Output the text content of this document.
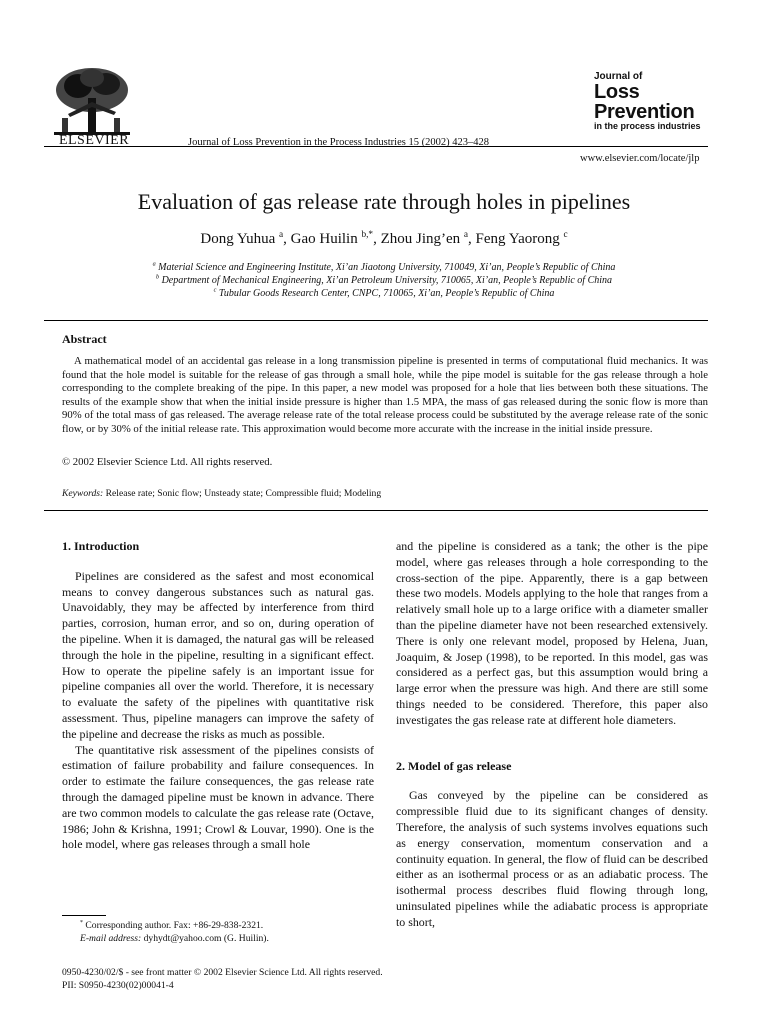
ELSEVIER	Journal of Loss Prevention in the Process Industries 15 (2002) 423–428
Journal of
Loss
Prevention
in the process industries
www.elsevier.com/locate/jlp
Evaluation of gas release rate through holes in pipelines
Dong Yuhua $^a$, Gao Huilin $^{b,*}$, Zhou Jing’en $^a$, Feng Yaorong $^c$
$^a$ Material Science and Engineering Institute, Xi’an Jiaotong University, 710049, Xi’an, People’s Republic of China
$^b$ Department of Mechanical Engineering, Xi’an Petroleum University, 710065, Xi’an, People’s Republic of China
$^c$ Tubular Goods Research Center, CNPC, 710065, Xi’an, People’s Republic of China
Abstract
A mathematical model of an accidental gas release in a long transmission pipeline is presented in terms of computational fluid mechanics. It was found that the hole model is suitable for the release of gas through a small hole, while the pipe model is suitable for the gas release through a hole corresponding to the complete breaking of the pipe. In this paper, a new model was proposed for a hole that lies between both these situations. The results of the example show that when the initial inside pressure is higher than 1.5 MPA, the mass of gas released during the sonic flow is more than 90% of the total mass of gas released. The average release rate of the total release process could be substituted by the average release rate of the sonic flow, or by 30% of the initial release rate. This approximation would become more accurate with the increase in the initial inside pressure.
© 2002 Elsevier Science Ltd. All rights reserved.
Keywords: Release rate; Sonic flow; Unsteady state; Compressible fluid; Modeling
1. Introduction

Pipelines are considered as the safest and most economical means to convey dangerous substances such as natural gas. Unavoidably, they may be affected by interference from third parties, corrosion, human error, and so on, during operation of the pipeline. When it is damaged, the natural gas will be released through the hole in the pipeline, resulting in a significant effect. How to operate the pipeline safely is an important issue for pipeline companies all over the world. Therefore, it is necessary to evaluate the safety of the pipelines with quantitative risk assessment. Thus, pipeline managers can improve the safety of the pipeline and decrease the risks as much as possible.

The quantitative risk assessment of the pipelines consists of estimation of failure probability and failure consequences. In order to estimate the failure consequences, the gas release rate through the damaged pipeline must be known in advance. There are two common models to calculate the gas release rate (Octave, 1986; John & Krishna, 1991; Crowl & Louvar, 1990). One is the hole model, where gas releases through a small hole

and the pipeline is considered as a tank; the other is the pipe model, where gas releases through a hole corresponding to the cross-section of the pipe. Apparently, there is a gap between these two models. Models applying to the hole that ranges from a relatively small hole up to a large orifice with a diameter smaller than the pipeline diameter have not been researched extensively. There is only one relevant model, proposed by Helena, Juan, Joaquim, & Josep (1998), to be reported. In this model, gas was considered as a perfect gas, but this assumption would bring a large error when the pressure was high. And there are still some things needed to be considered. Therefore, this paper also investigates the gas release rate at different hole diameters.

2. Model of gas release

Gas conveyed by the pipeline can be considered as compressible fluid due to its significant changes of density. Therefore, the analysis of such systems involves equations such as energy conservation, momentum conservation and a continuity equation. In general, the flow of fluid can be described either as an isothermal process or as an adiabatic process. The isothermal process describes fluid flowing through long, uninsulated pipelines while the adiabatic process is appropriate to short,

* Corresponding author. Fax: +86-29-838-2321.
E-mail address: dyhydt@yahoo.com (G. Huilin).
0950-4230/02/$ - see front matter © 2002 Elsevier Science Ltd. All rights reserved.
PII: S0950-4230(02)00041-4
